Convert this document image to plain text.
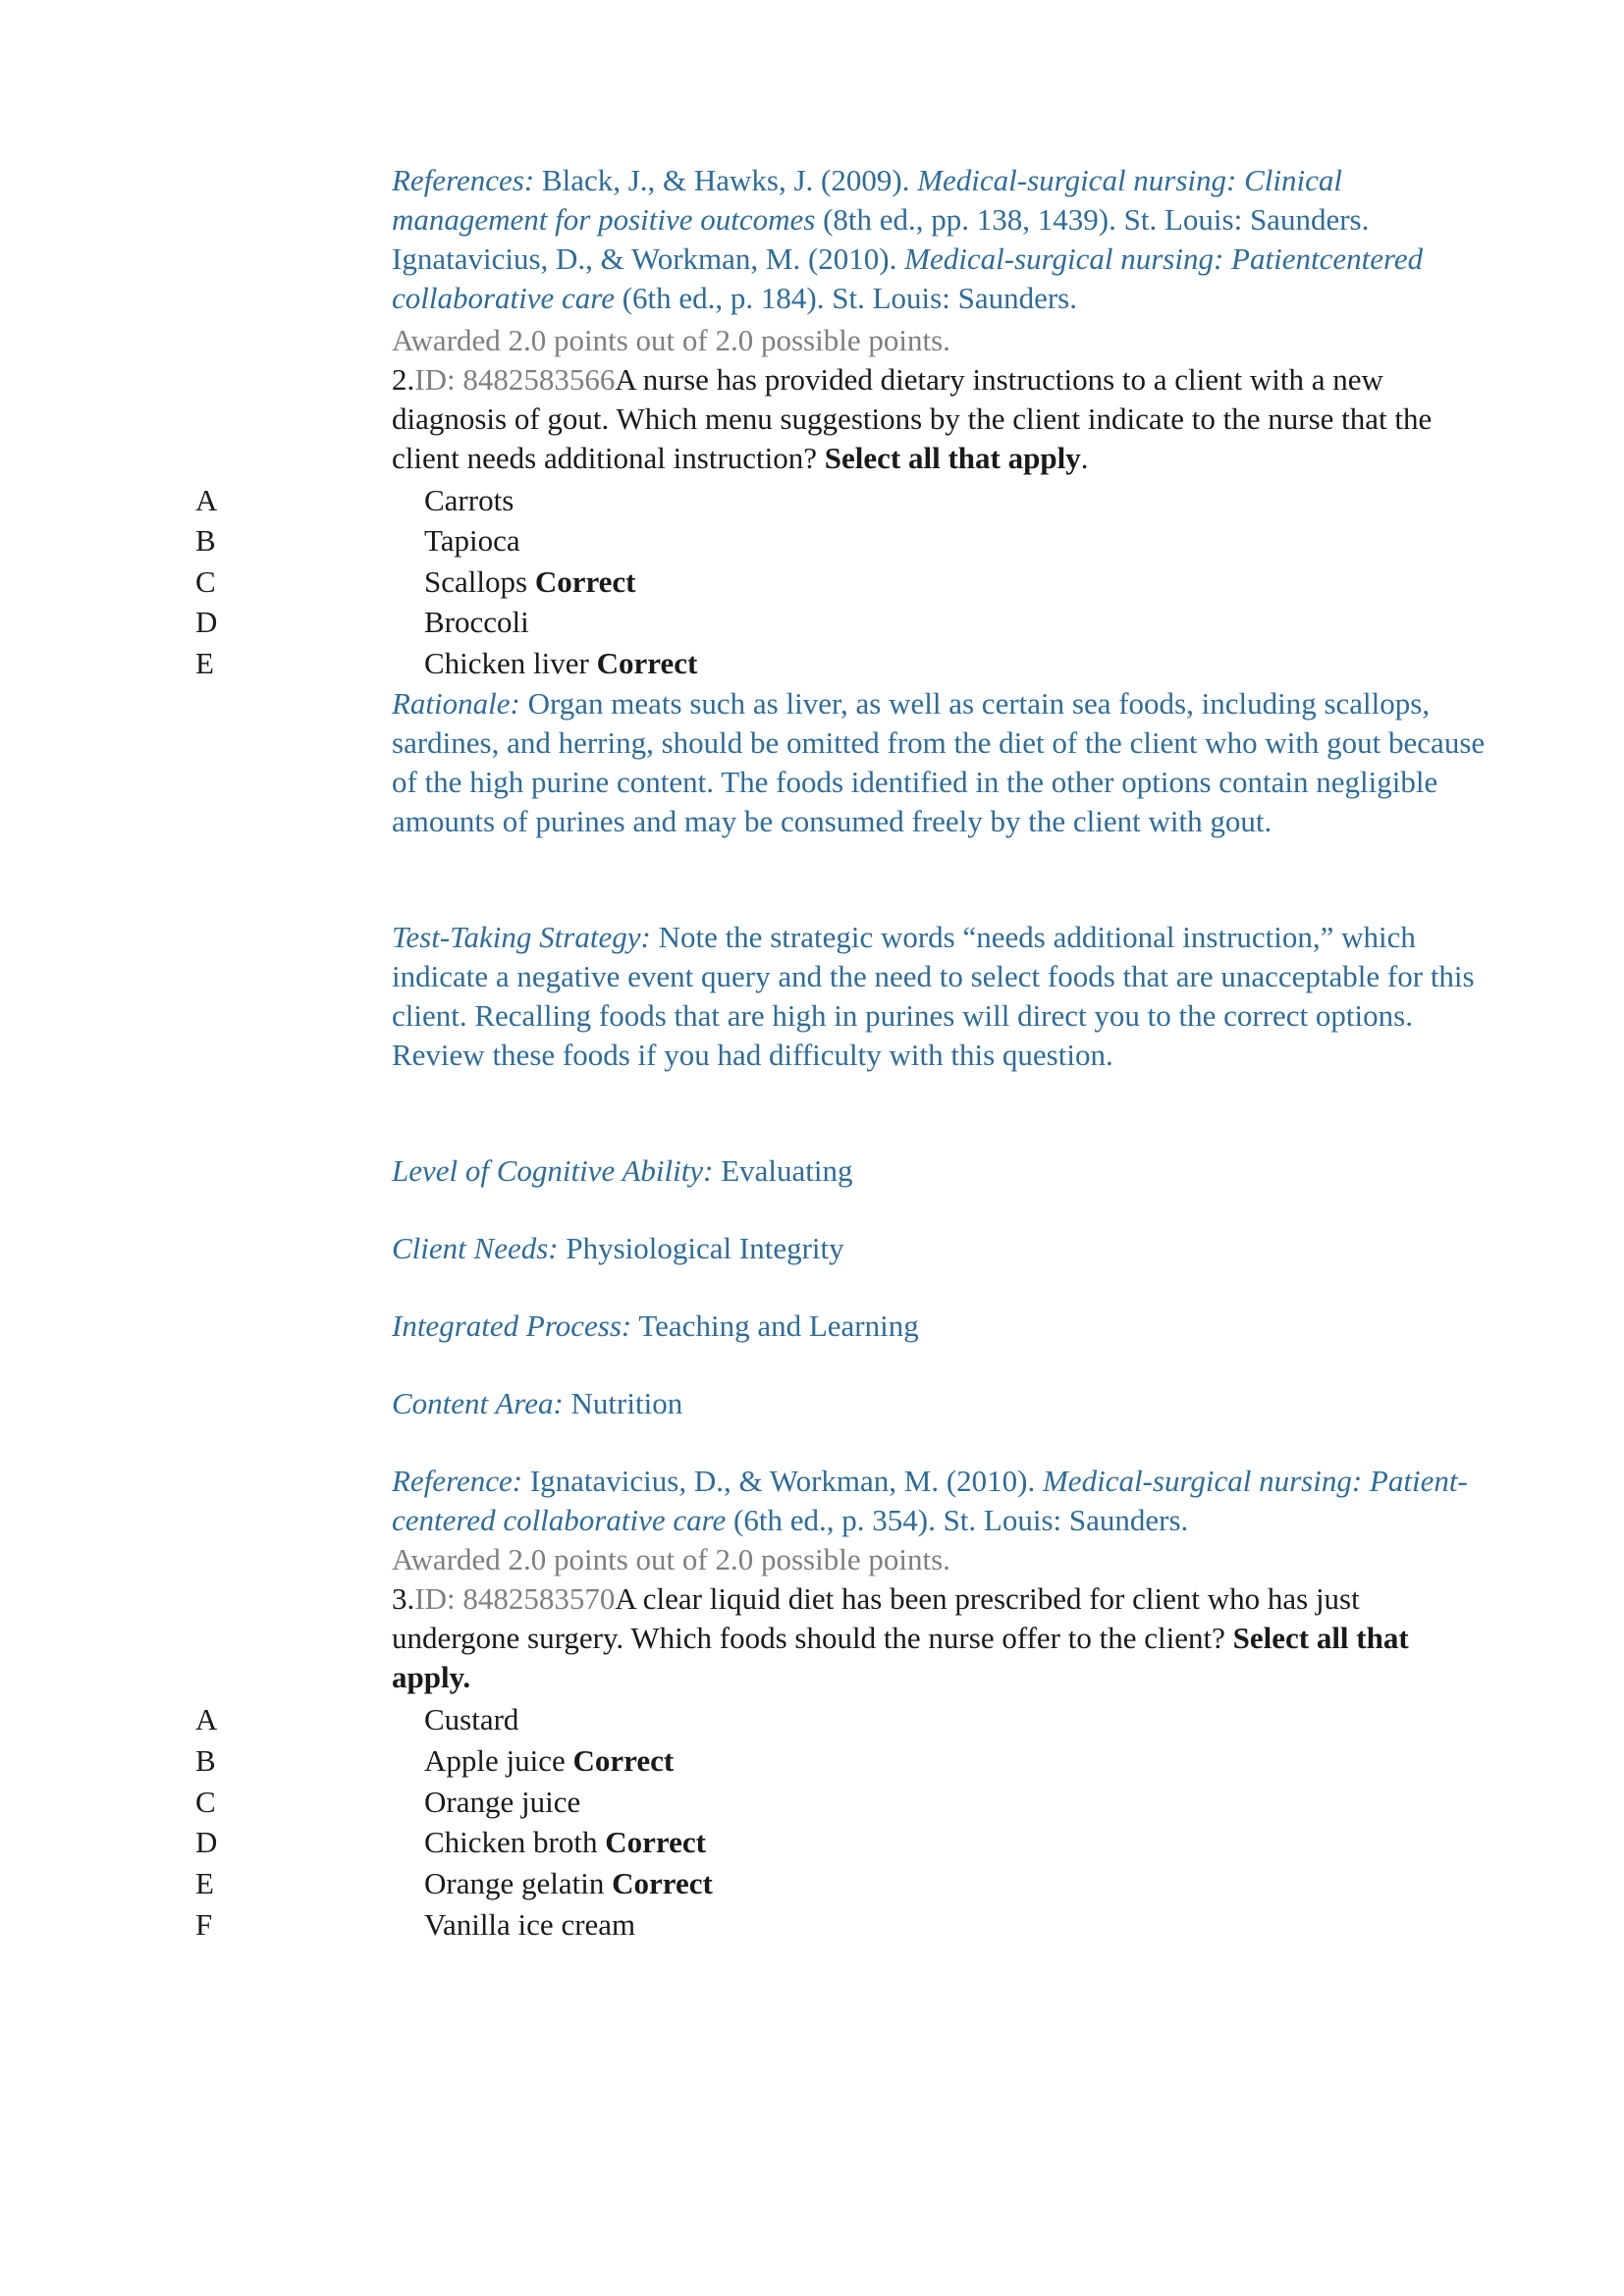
References: Black, J., & Hawks, J. (2009). Medical-surgical nursing: Clinical management for positive outcomes (8th ed., pp. 138, 1439). St. Louis: Saunders. Ignatavicius, D., & Workman, M. (2010). Medical-surgical nursing: Patientcentered collaborative care (6th ed., p. 184). St. Louis: Saunders.

Awarded 2.0 points out of 2.0 possible points.
2.ID: 8482583566A nurse has provided dietary instructions to a client with a new diagnosis of gout. Which menu suggestions by the client indicate to the nurse that the client needs additional instruction? Select all that apply.
A	Carrots
B	Tapioca
C	Scallops Correct
D	Broccoli
E	Chicken liver Correct
Rationale: Organ meats such as liver, as well as certain sea foods, including scallops, sardines, and herring, should be omitted from the diet of the client who with gout because of the high purine content. The foods identified in the other options contain negligible amounts of purines and may be consumed freely by the client with gout.
Test-Taking Strategy: Note the strategic words “needs additional instruction,” which indicate a negative event query and the need to select foods that are unacceptable for this client. Recalling foods that are high in purines will direct you to the correct options. Review these foods if you had difficulty with this question.
Level of Cognitive Ability: Evaluating
Client Needs: Physiological Integrity
Integrated Process: Teaching and Learning
Content Area: Nutrition
Reference: Ignatavicius, D., & Workman, M. (2010). Medical-surgical nursing: Patient-centered collaborative care (6th ed., p. 354). St. Louis: Saunders.
Awarded 2.0 points out of 2.0 possible points.
3.ID: 8482583570A clear liquid diet has been prescribed for client who has just undergone surgery. Which foods should the nurse offer to the client? Select all that apply.
A	Custard
B	Apple juice Correct
C	Orange juice
D	Chicken broth Correct
E	Orange gelatin Correct
F	Vanilla ice cream
